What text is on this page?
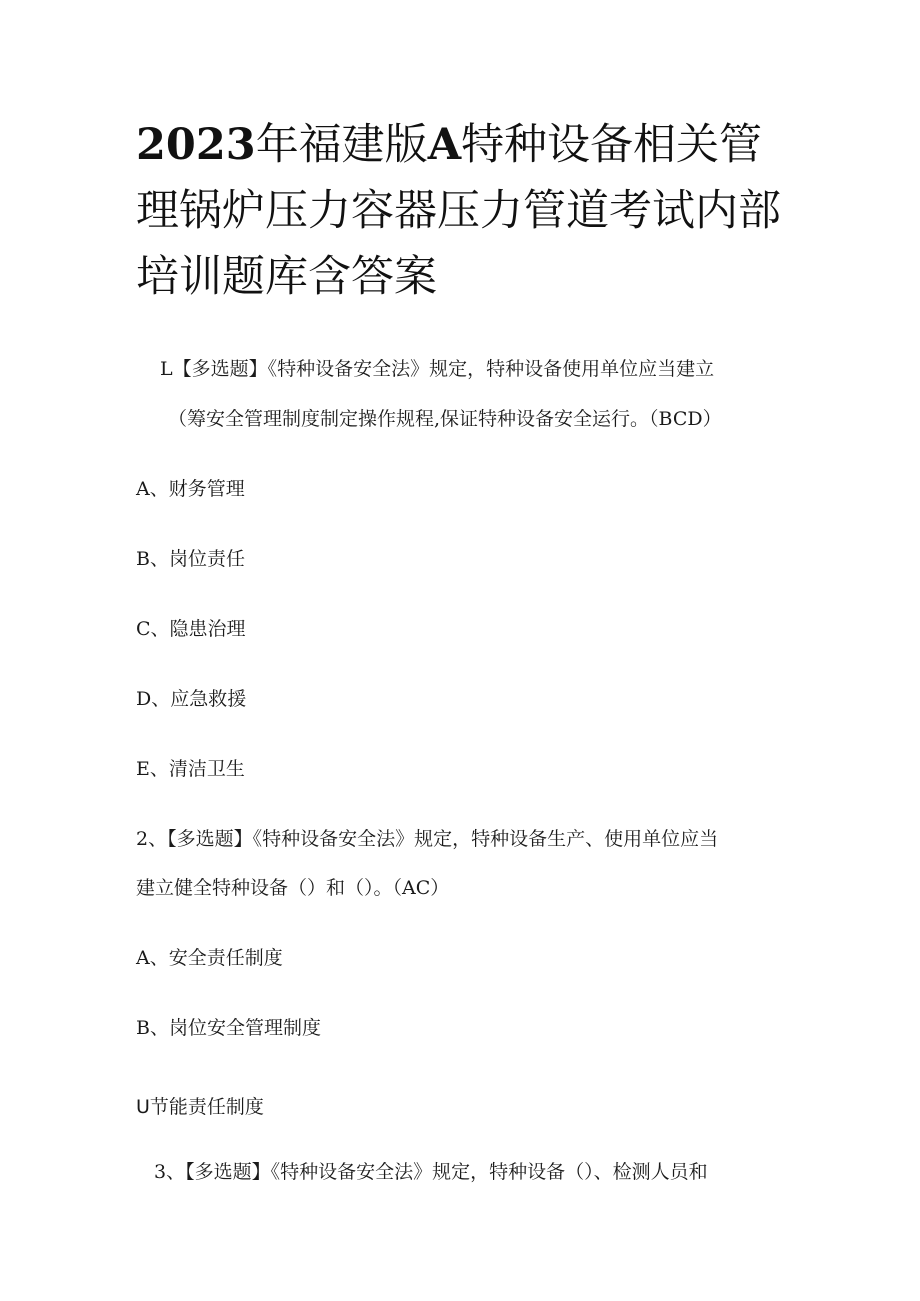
2023年福建版A特种设备相关管理锅炉压力容器压力管道考试内部培训题库含答案
L【多选题】《特种设备安全法》规定，特种设备使用单位应当建立
（筹安全管理制度制定操作规程,保证特种设备安全运行。（BCD）
A、财务管理
B、岗位责任
C、隐患治理
D、应急救援
E、清洁卫生
2、【多选题】《特种设备安全法》规定，特种设备生产、使用单位应当
建立健全特种设备（）和（）。（AC）
A、安全责任制度
B、岗位安全管理制度
U节能责任制度
3、【多选题】《特种设备安全法》规定，特种设备（）、检测人员和
